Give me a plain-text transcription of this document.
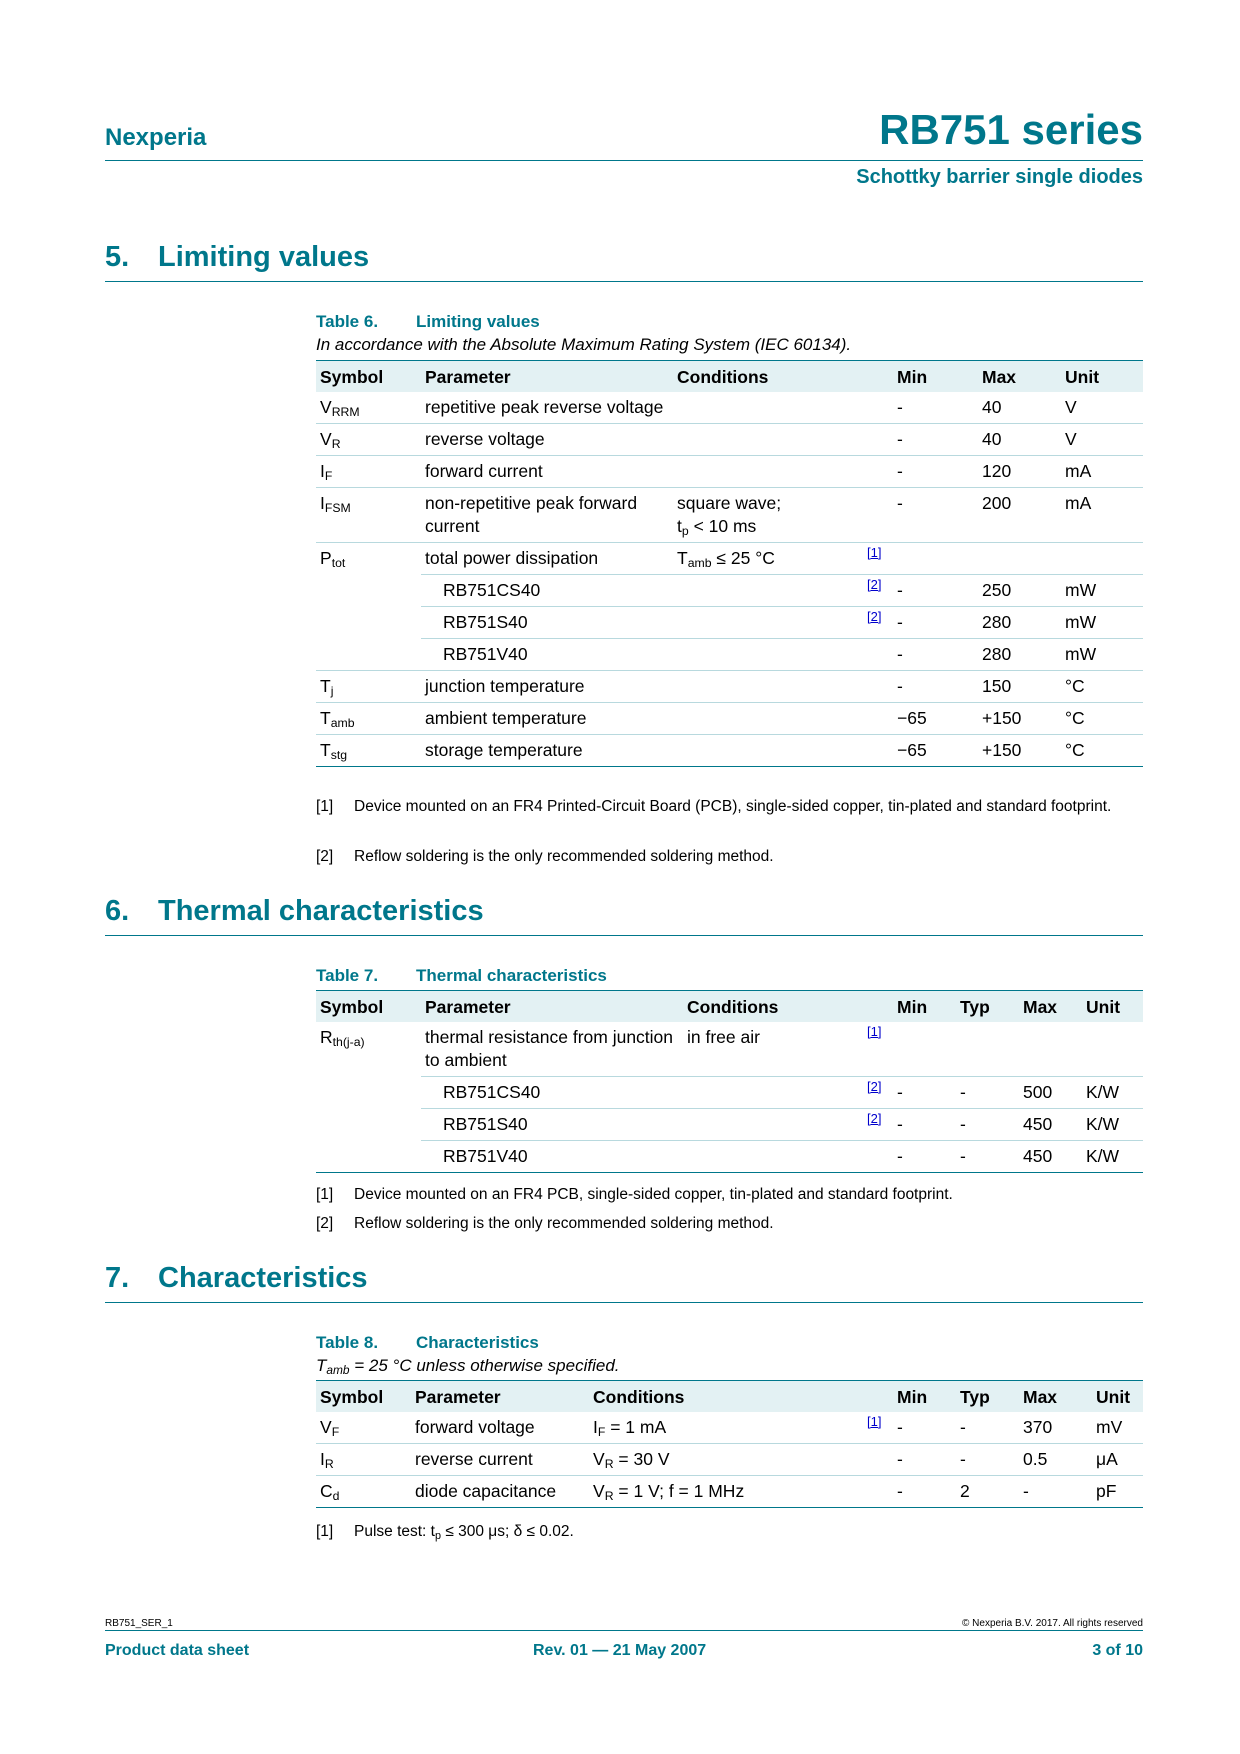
Nexperia	RB751 series
Schottky barrier single diodes
5. Limiting values
Table 6. Limiting values
In accordance with the Absolute Maximum Rating System (IEC 60134).
Symbol	Parameter	Conditions		Min	Max	Unit
$V_{RRM}$	repetitive peak reverse voltage			-	40	V
$V_R$	reverse voltage			-	40	V
$I_F$	forward current			-	120	mA
$I_{FSM}$	non-repetitive peak forward current	square wave;
$t_p < 10$ ms		-	200	mA
$P_{tot}$	total power dissipation	$T_{amb} \le 25$ °C	[1]			
	RB751CS40		[2]	-	250	mW
	RB751S40		[2]	-	280	mW
	RB751V40			-	280	mW
$T_j$	junction temperature			-	150	°C
$T_{amb}$	ambient temperature			−65	+150	°C
$T_{stg}$	storage temperature			−65	+150	°C
[1] Device mounted on an FR4 Printed-Circuit Board (PCB), single-sided copper, tin-plated and standard footprint.
[2] Reflow soldering is the only recommended soldering method.
6. Thermal characteristics
Table 7. Thermal characteristics
Symbol	Parameter	Conditions		Min	Typ	Max	Unit
$R_{th(j-a)}$	thermal resistance from junction to ambient	in free air	[1]				
	RB751CS40		[2]	-	-	500	K/W
	RB751S40		[2]	-	-	450	K/W
	RB751V40			-	-	450	K/W
[1] Device mounted on an FR4 PCB, single-sided copper, tin-plated and standard footprint.
[2] Reflow soldering is the only recommended soldering method.
7. Characteristics
Table 8. Characteristics
$T_{amb} = 25$ °C unless otherwise specified.
Symbol	Parameter	Conditions		Min	Typ	Max	Unit
$V_F$	forward voltage	$I_F = 1$ mA	[1]	-	-	370	mV
$I_R$	reverse current	$V_R = 30$ V		-	-	0.5	μA
$C_d$	diode capacitance	$V_R = 1$ V; f = 1 MHz		-	2	-	pF
[1] Pulse test: $t_p \le 300$ μs; δ ≤ 0.02.
RB751_SER_1	© Nexperia B.V. 2017. All rights reserved
Product data sheet	Rev. 01 — 21 May 2007	3 of 10
